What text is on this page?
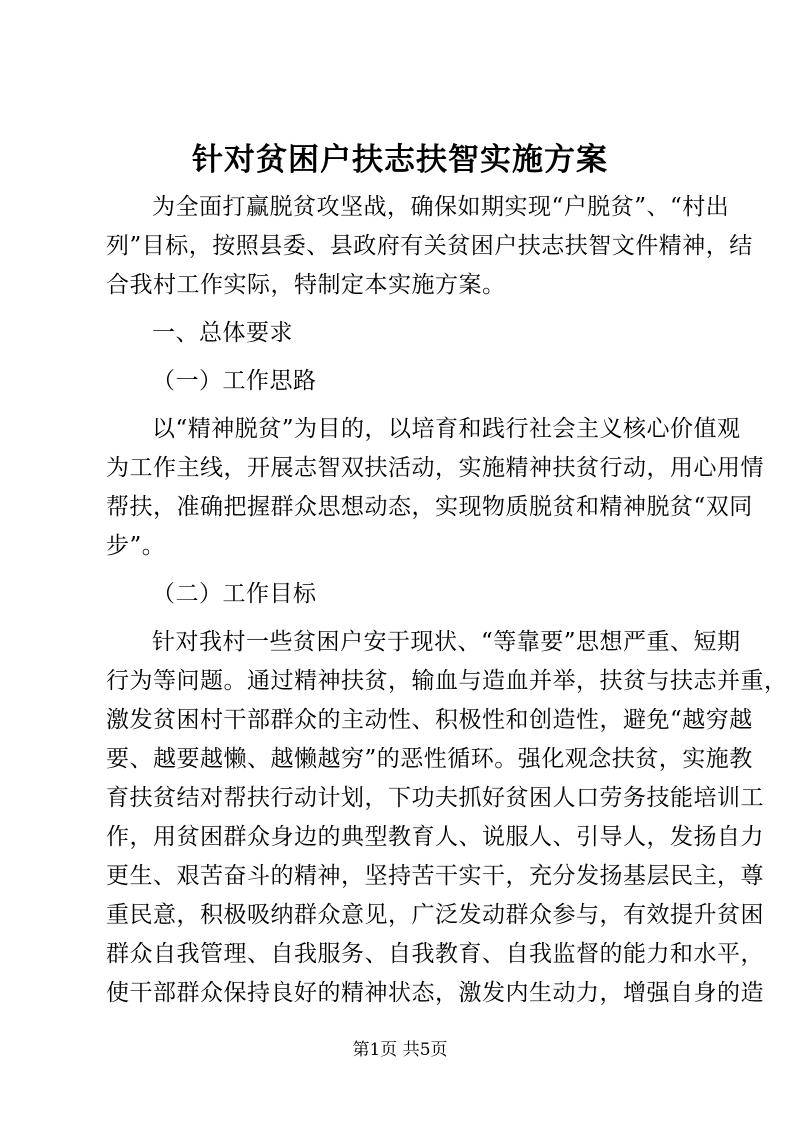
针对贫困户扶志扶智实施方案
为全面打赢脱贫攻坚战，确保如期实现“户脱贫”、“村出
列”目标，按照县委、县政府有关贫困户扶志扶智文件精神，结
合我村工作实际，特制定本实施方案。
一、总体要求
（一）工作思路
以“精神脱贫”为目的，以培育和践行社会主义核心价值观
为工作主线，开展志智双扶活动，实施精神扶贫行动，用心用情
帮扶，准确把握群众思想动态，实现物质脱贫和精神脱贫“双同
步”。
（二）工作目标
针对我村一些贫困户安于现状、“等靠要”思想严重、短期
行为等问题。通过精神扶贫，输血与造血并举，扶贫与扶志并重，
激发贫困村干部群众的主动性、积极性和创造性，避免“越穷越
要、越要越懒、越懒越穷”的恶性循环。强化观念扶贫，实施教
育扶贫结对帮扶行动计划，下功夫抓好贫困人口劳务技能培训工
作，用贫困群众身边的典型教育人、说服人、引导人，发扬自力
更生、艰苦奋斗的精神，坚持苦干实干，充分发扬基层民主，尊
重民意，积极吸纳群众意见，广泛发动群众参与，有效提升贫困
群众自我管理、自我服务、自我教育、自我监督的能力和水平，
使干部群众保持良好的精神状态，激发内生动力，增强自身的造
第1页 共5页
